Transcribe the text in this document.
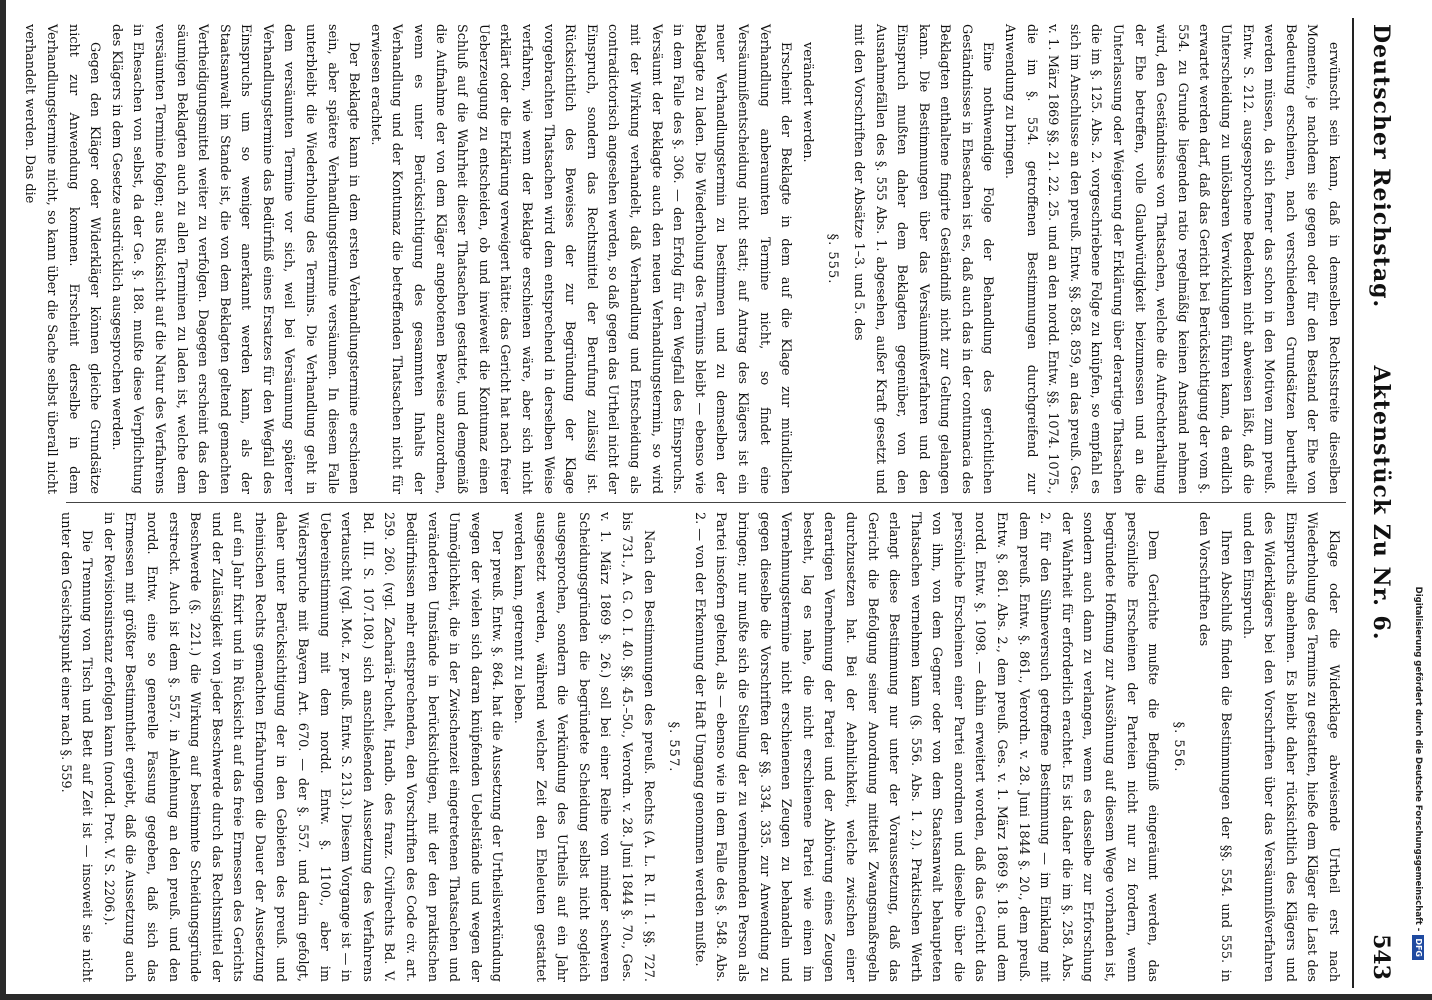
Deutscher Reichstag.
Aktenstück Zu Nr. 6.
543

erwünscht sein kann, daß in demselben Rechtsstreite dieselben Momente, je nachdem sie gegen oder für den Bestand der Ehe von Bedeutung erscheinen, nach verschiedenen Grundsätzen beurtheilt werden müssen, da sich ferner das schon in den Motiven zum preuß. Entw. S. 212. ausgesprochene Bedenken nicht abweisen läßt, daß die Unterscheidung zu unlösbaren Verwicklungen führen kann, da endlich erwartet werden darf, daß das Gericht bei Berücksichtigung der vom §. 554. zu Grunde liegenden ratio regelmäßig keinen Anstand nehmen wird, den Geständnisse von Thatsachen, welche die Aufrechterhaltung der Ehe betreffen, volle Glaubwürdigkeit beizumessen und an die Unterlassung oder Weigerung der Erklärung über derartige Thatsachen die im §. 125. Abs. 2. vorgeschriebene Folge zu knüpfen, so empfahl es sich im Anschlusse an den preuß. Entw. §§. 858. 859, an das preuß. Ges. v. 1. März 1869 §§. 21. 22. 25. und an den nordd. Entw. §§. 1074. 1075., die im §. 554. getroffenen Bestimmungen durchgreifend zur Anwendung zu bringen.

Eine nothwendige Folge der Behandlung des gerichtlichen Geständnisses in Ehesachen ist es, daß auch das in der contumacia des Beklagten enthaltene fingirte Geständniß nicht zur Geltung gelangen kann. Die Bestimmungen über das Versäumnißverfahren und den Einspruch mußten daher dem Beklagten gegenüber, von den Ausnahmefällen des §. 555 Abs. 1. abgesehen, außer Kraft gesetzt und mit den Vorschriften der Absätze 1–3. und 5. des

§. 555.

verändert werden.

Erscheint der Beklagte in dem auf die Klage zur mündlichen Verhandlung anberaumten Termine nicht, so findet eine Versäumnißentscheidung nicht statt; auf Antrag des Klägers ist ein neuer Verhandlungstermin zu bestimmen und zu demselben der Beklagte zu laden. Die Wiederholung des Termins bleibt — ebenso wie in dem Falle des §. 306. — den Erfolg für den Wegfall des Einspruchs. Versäumt der Beklagte auch den neuen Verhandlungstermin, so wird mit der Wirkung verhandelt, daß Verhandlung und Entscheidung als contradictorisch angesehen werden, so daß gegen das Urtheil nicht der Einspruch, sondern das Rechtsmittel der Berufung zulässig ist. Rücksichtlich des Beweises der zur Begründung der Klage vorgebrachten Thatsachen wird dem entsprechend in derselben Weise verfahren, wie wenn der Beklagte erschienen wäre, aber sich nicht erklärt oder die Erklärung verweigert hätte: das Gericht hat nach freier Ueberzeugung zu entscheiden, ob und inwieweit die Kontumaz einen Schluß auf die Wahrheit dieser Thatsachen gestattet, und demgemäß die Aufnahme der von dem Kläger angebotenen Beweise anzuordnen, wenn es unter Berücksichtigung des gesammten Inhalts der Verhandlung und der Kontumaz die betreffenden Thatsachen nicht für erwiesen erachtet.

Der Beklagte kann in dem ersten Verhandlungstermine erschienen sein, aber spätere Verhandlungstermine versäumen. In diesem Falle unterbleibt die Wiederholung des Termins. Die Verhandlung geht in dem versäumten Termine vor sich, weil bei Versäumung späterer Verhandlungstermine das Bedürfniß eines Ersatzes für den Wegfall des Einspruchs um so weniger anerkannt werden kann, als der Staatsanwalt im Stande ist, die von dem Beklagten geltend gemachten Vertheidigungsmittel weiter zu verfolgen. Dagegen erscheint das den säumigen Beklagten auch zu allen Terminen zu laden ist, welche dem versäumten Termine folgen; aus Rücksicht auf die Natur des Verfahrens in Ehesachen von selbst, da der Ge. §. 188. mußte diese Verpflichtung des Klägers in dem Gesetze ausdrücklich ausgesprochen werden.

Gegen den Kläger oder Widerkläger können gleiche Grundsätze nicht zur Anwendung kommen. Erscheint derselbe in dem Verhandlungstermine nicht, so kann über die Sache selbst überall nicht verhandelt werden. Das die

Klage oder die Widerklage abweisende Urtheil erst nach Wiederholung des Termins zu gestatten, hieße dem Kläger die Last des Einspruchs abnehmen. Es bleibt daher rücksichtlich des Klägers und des Widerklägers bei den Vorschriften über das Versäumnißverfahren und den Einspruch.

Ihren Abschluß finden die Bestimmungen der §§. 554. und 555. in den Vorschriften des

§. 556.

Dem Gerichte mußte die Befugniß eingeräumt werden, das persönliche Erscheinen der Parteien nicht nur zu fordern, wenn begründete Hoffnung zur Aussöhnung auf diesem Wege vorhanden ist, sondern auch dann zu verlangen, wenn es dasselbe zur Erforschung der Wahrheit für erforderlich erachtet. Es ist daher die im §. 258. Abs. 2. für den Sühneversuch getroffene Bestimmung — im Einklang mit dem preuß. Entw. §. 861., Verordn. v. 28. Juni 1844 §. 20., dem preuß. Entw. §. 861. Abs. 2., dem preuß. Ges. v. 1. März 1869 §. 18. und dem nordd. Entw. §. 1098. — dahin erweitert worden, daß das Gericht das persönliche Erscheinen einer Partei anordnen und dieselbe über die von ihm, von dem Gegner oder von dem Staatsanwalt behaupteten Thatsachen vernehmen kann (§. 556. Abs. 1. 2.). Praktischen Werth erlangt diese Bestimmung nur unter der Voraussetzung, daß das Gericht die Befolgung seiner Anordnung mittelst Zwangsmaßregeln durchzusetzen hat. Bei der Aehnlichkeit, welche zwischen einer derartigen Vernehmung der Partei und der Abhörung eines Zeugen besteht, lag es nahe, die nicht erschienene Partei wie einen im Vernehmungstermine nicht erschienenen Zeugen zu behandeln und gegen dieselbe die Vorschriften der §§. 334. 335. zur Anwendung zu bringen; nur mußte sich die Stellung der zu vernehmenden Person als Partei insofern geltend, als — ebenso wie in dem Falle des §. 548. Abs. 2. — von der Erkennung der Haft Umgang genommen werden mußte.

§. 557.

Nach den Bestimmungen des preuß. Rechts (A. L. R. II. 1. §§. 727. bis 731., A. G. O. I. 40. §§. 45.–50., Verordn. v. 28. Juni 1844 §. 70., Ges. v. 1. März 1869 §. 26.) soll bei einer Reihe von minder schweren Scheidungsgründen die begründete Scheidung selbst nicht sogleich ausgesprochen, sondern die Verkündung des Urtheils auf ein Jahr ausgesetzt werden, während welcher Zeit den Eheleuten gestattet werden kann, getrennt zu leben.

Der preuß. Entw. §. 864. hat die Aussetzung der Urtheilsverkündung wegen der vielen sich daran knüpfenden Uebelstände und wegen der Unmöglichkeit, die in der Zwischenzeit eingetretenen Thatsachen und veränderten Umstände in berücksichtigen, mit der den praktischen Bedürfnissen mehr entsprechenden, den Vorschriften des Code civ. art. 259. 260. (vgl. Zachariä-Puchelt, Handb. des franz. Civilrechts Bd. V. Bd. III. S. 107.108.) sich anschließenden Aussetzung des Verfahrens vertauscht (vgl. Mot. z. preuß. Entw. S. 213.). Diesem Vorgange ist — in Uebereinstimmung mit dem nordd. Entw. §. 1100., aber im Widerspruche mit Bayern Art. 670. — der §. 557. und darin gefolgt, daher unter Berücksichtigung der in den Gebieten des preuß. und rheinischen Rechts gemachten Erfahrungen die Dauer der Aussetzung auf ein Jahr fixirt und in Rücksicht auf das freie Ermessen des Gerichts und der Zulässigkeit von jeder Beschwerde durch das Rechtsmittel der Beschwerde (§. 221.) die Wirkung auf bestimmte Scheidungsgründe erstreckt. Auch ist dem §. 557. in Anlehnung an den preuß. und den nordd. Entw. eine so generelle Fassung gegeben, daß sich das Ermessen mit größter Bestimmtheit ergiebt, daß die Aussetzung auch in der Revisionsinstanz erfolgen kann (nordd. Prot. V. S. 2206.).

Die Trennung von Tisch und Bett auf Zeit ist — insoweit sie nicht unter den Gesichtspunkt einer nach §. 559.	Digitalisierung gefördert durch die Deutsche Forschungsgemeinschaft -DFG
